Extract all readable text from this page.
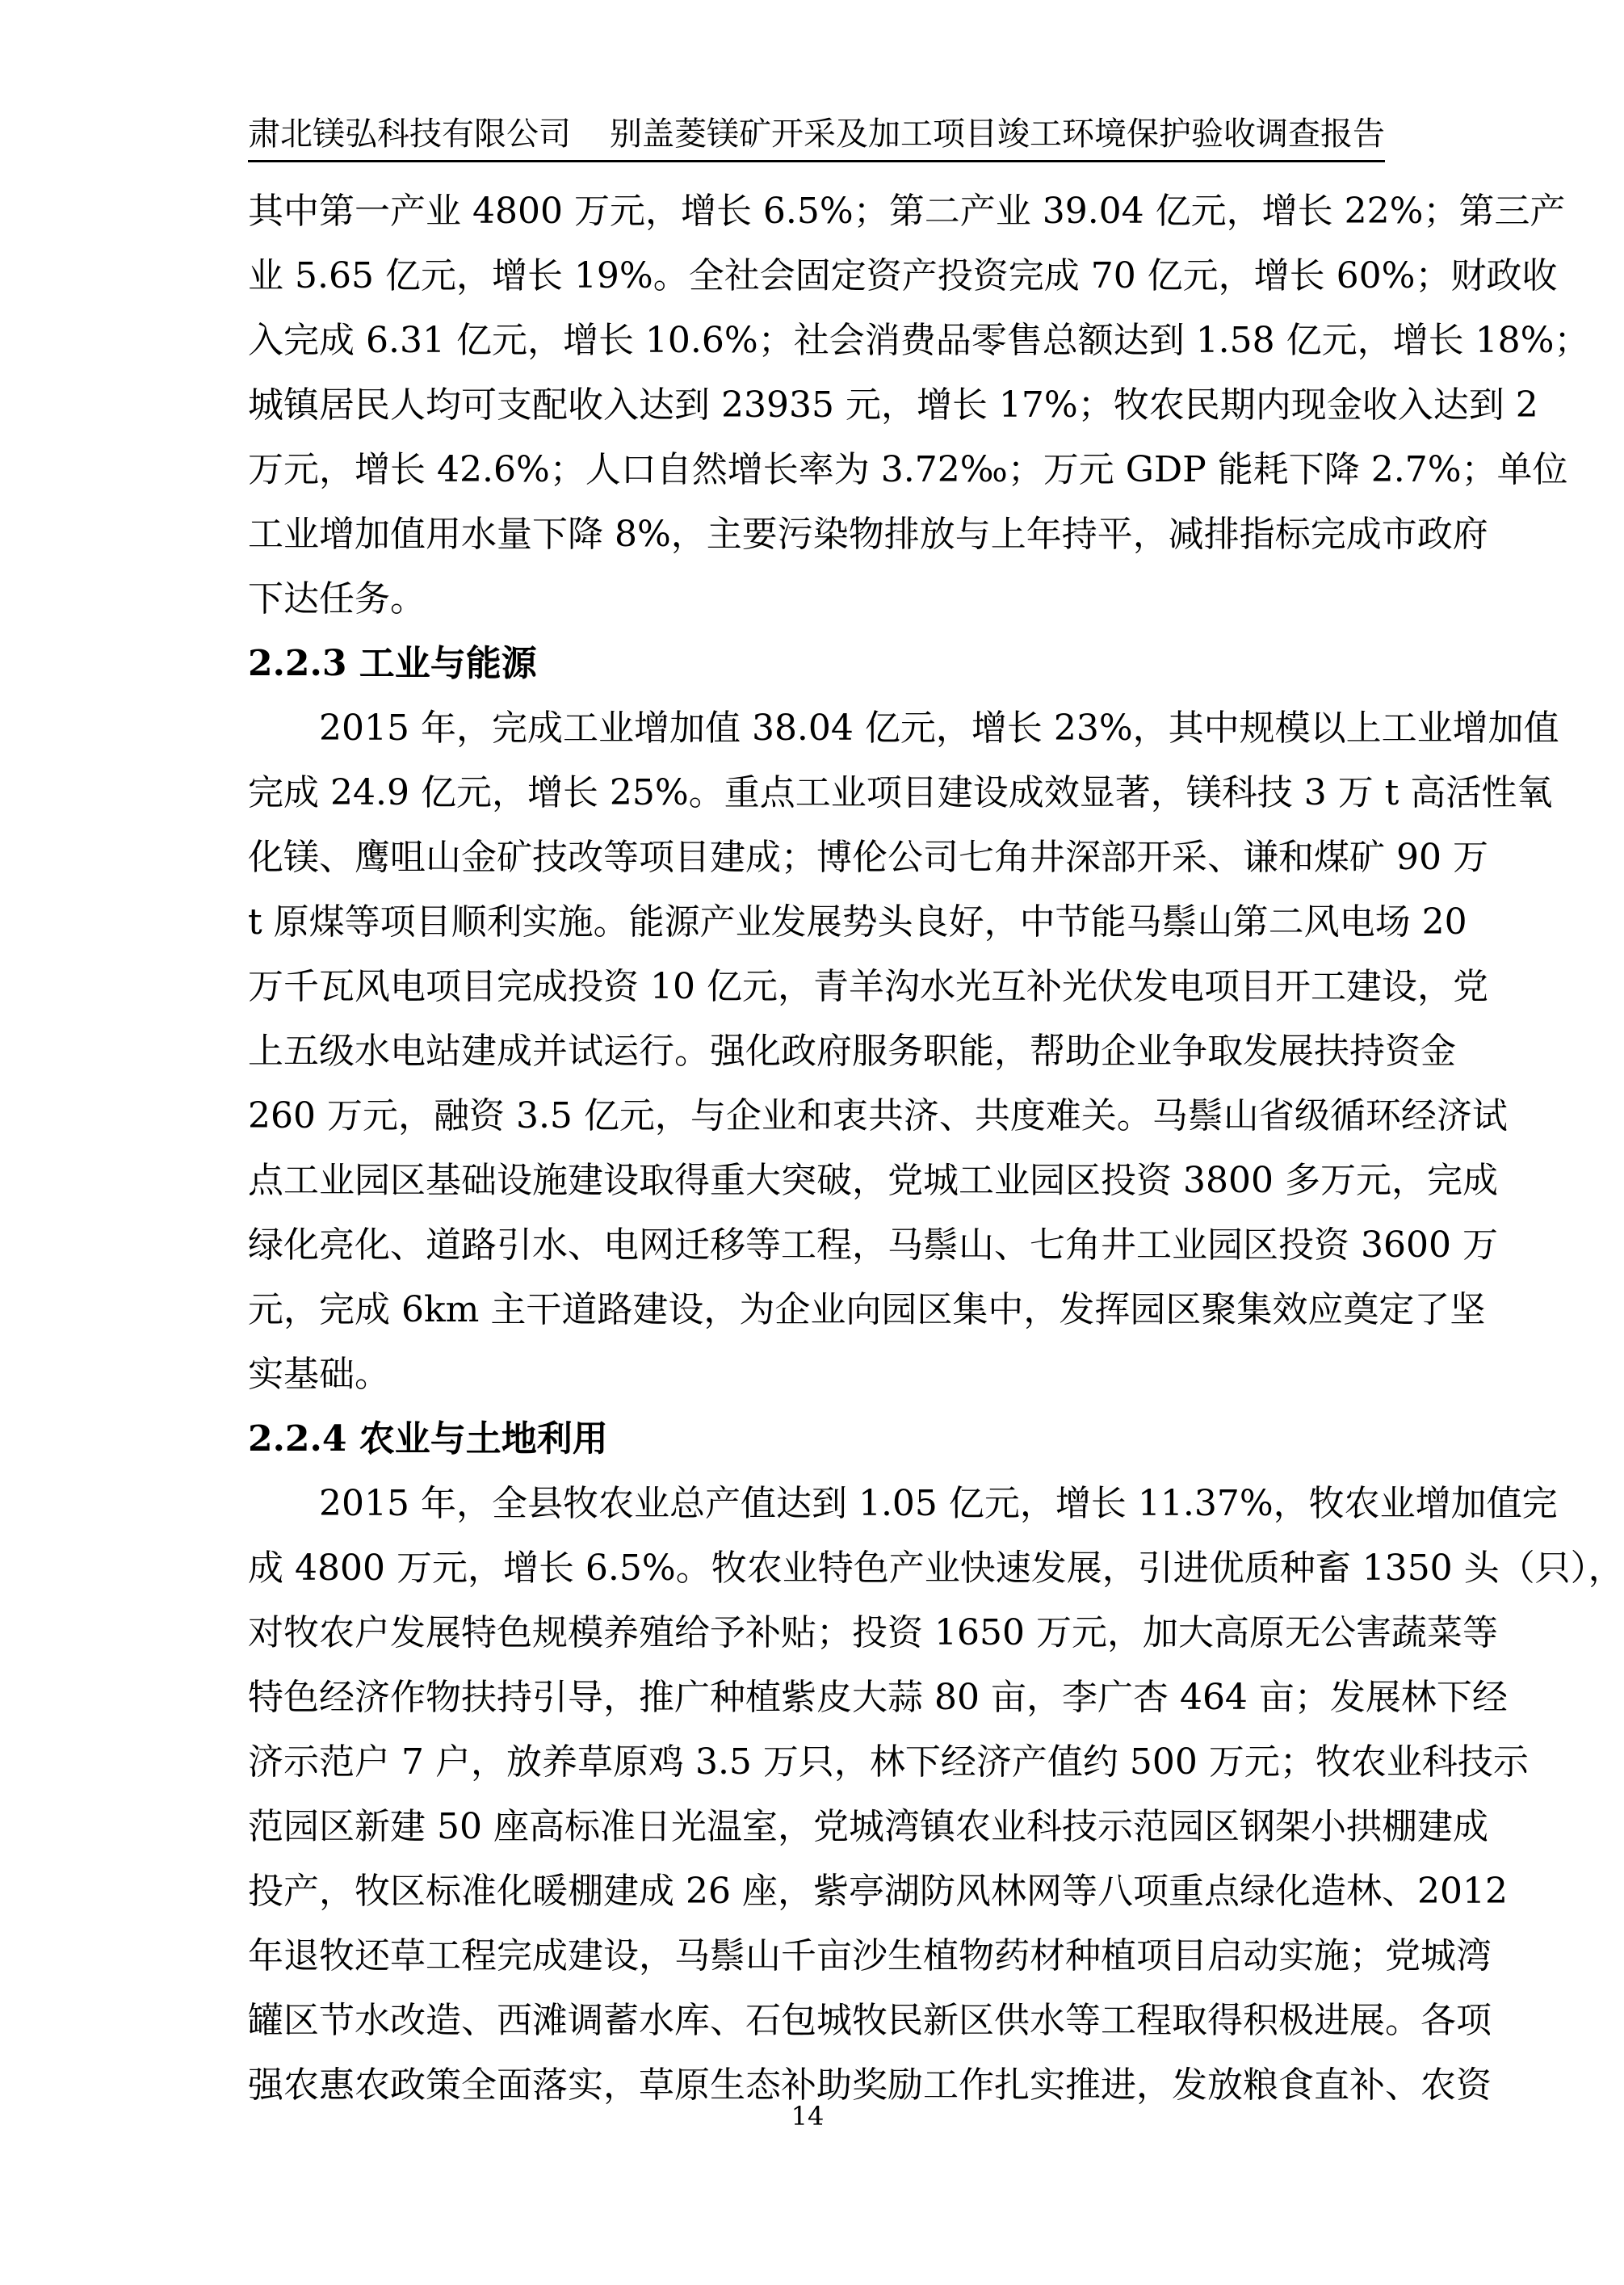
肃北镁弘科技有限公司 别盖菱镁矿开采及加工项目竣工环境保护验收调查报告

其中第一产业 4800 万元，增长 6.5%；第二产业 39.04 亿元，增长 22%；第三产
业 5.65 亿元，增长 19%。全社会固定资产投资完成 70 亿元，增长 60%；财政收
入完成 6.31 亿元，增长 10.6%；社会消费品零售总额达到 1.58 亿元，增长 18%；
城镇居民人均可支配收入达到 23935 元，增长 17%；牧农民期内现金收入达到 2
万元，增长 42.6%；人口自然增长率为 3.72‰；万元 GDP 能耗下降 2.7%；单位
工业增加值用水量下降 8%，主要污染物排放与上年持平，减排指标完成市政府
下达任务。

2.2.3 工业与能源

2015 年，完成工业增加值 38.04 亿元，增长 23%，其中规模以上工业增加值
完成 24.9 亿元，增长 25%。重点工业项目建设成效显著，镁科技 3 万 t 高活性氧
化镁、鹰咀山金矿技改等项目建成；博伦公司七角井深部开采、谦和煤矿 90 万
t 原煤等项目顺利实施。能源产业发展势头良好，中节能马鬃山第二风电场 20
万千瓦风电项目完成投资 10 亿元，青羊沟水光互补光伏发电项目开工建设，党
上五级水电站建成并试运行。强化政府服务职能，帮助企业争取发展扶持资金
260 万元，融资 3.5 亿元，与企业和衷共济、共度难关。马鬃山省级循环经济试
点工业园区基础设施建设取得重大突破，党城工业园区投资 3800 多万元，完成
绿化亮化、道路引水、电网迁移等工程，马鬃山、七角井工业园区投资 3600 万
元，完成 6km 主干道路建设，为企业向园区集中，发挥园区聚集效应奠定了坚
实基础。

2.2.4 农业与土地利用

2015 年，全县牧农业总产值达到 1.05 亿元，增长 11.37%，牧农业增加值完
成 4800 万元，增长 6.5%。牧农业特色产业快速发展，引进优质种畜 1350 头（只），
对牧农户发展特色规模养殖给予补贴；投资 1650 万元，加大高原无公害蔬菜等
特色经济作物扶持引导，推广种植紫皮大蒜 80 亩，李广杏 464 亩；发展林下经
济示范户 7 户，放养草原鸡 3.5 万只，林下经济产值约 500 万元；牧农业科技示
范园区新建 50 座高标准日光温室，党城湾镇农业科技示范园区钢架小拱棚建成
投产，牧区标准化暖棚建成 26 座，紫亭湖防风林网等八项重点绿化造林、2012
年退牧还草工程完成建设，马鬃山千亩沙生植物药材种植项目启动实施；党城湾
罐区节水改造、西滩调蓄水库、石包城牧民新区供水等工程取得积极进展。各项
强农惠农政策全面落实，草原生态补助奖励工作扎实推进，发放粮食直补、农资

14
